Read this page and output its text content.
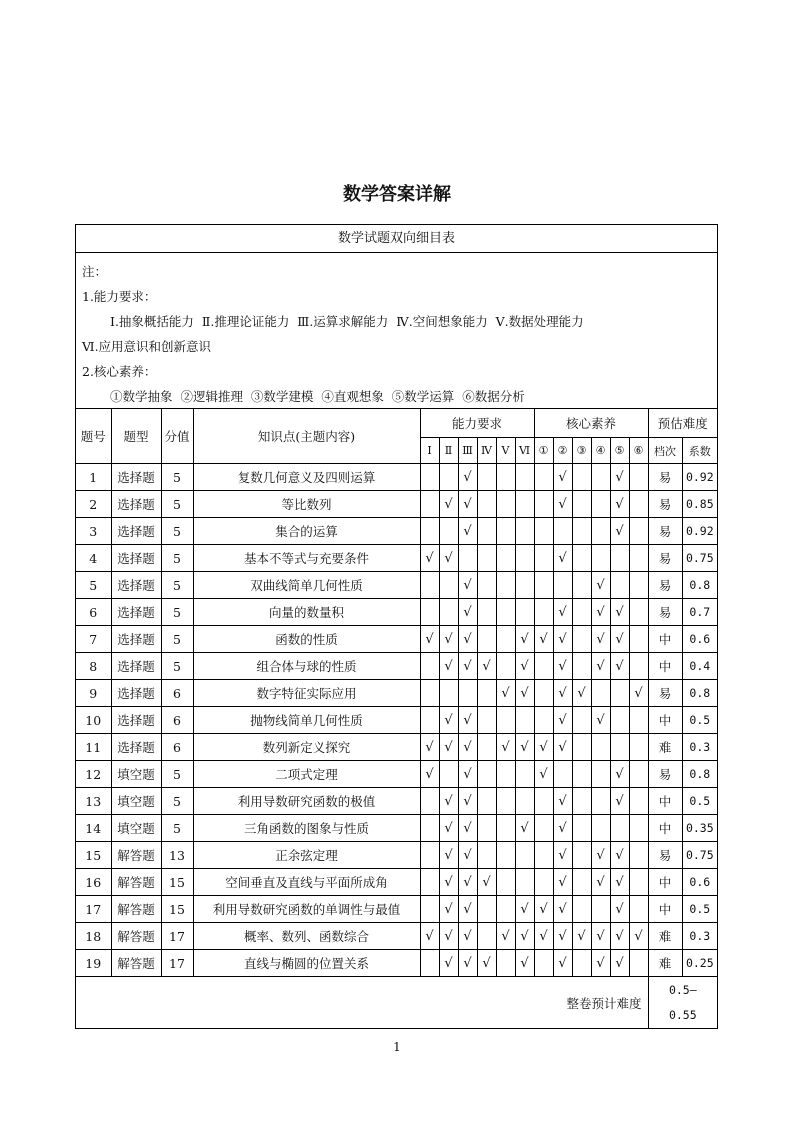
数学答案详解
数学试题双向细目表
注：
1.能力要求：
Ⅰ.抽象概括能力  Ⅱ.推理论证能力  Ⅲ.运算求解能力  Ⅳ.空间想象能力  Ⅴ.数据处理能力
Ⅵ.应用意识和创新意识
2.核心素养：
①数学抽象  ②逻辑推理  ③数学建模  ④直观想象  ⑤数学运算  ⑥数据分析
题号	题型	分值	知识点(主题内容)	能力要求						核心素养						预估难度	
				Ⅰ	Ⅱ	Ⅲ	Ⅳ	Ⅴ	Ⅵ	①	②	③	④	⑤	⑥	档次	系数
1	选择题	5	复数几何意义及四则运算			√					√			√		易	0.92
2	选择题	5	等比数列		√	√					√			√		易	0.85
3	选择题	5	集合的运算			√								√		易	0.92
4	选择题	5	基本不等式与充要条件	√	√						√					易	0.75
5	选择题	5	双曲线简单几何性质			√							√			易	0.8
6	选择题	5	向量的数量积			√					√		√	√		易	0.7
7	选择题	5	函数的性质	√	√	√			√	√	√		√	√		中	0.6
8	选择题	5	组合体与球的性质		√	√	√		√		√		√	√		中	0.4
9	选择题	6	数字特征实际应用					√	√		√	√			√	易	0.8
10	选择题	6	抛物线简单几何性质		√	√					√		√			中	0.5
11	选择题	6	数列新定义探究	√	√	√		√	√	√	√					难	0.3
12	填空题	5	二项式定理	√		√				√				√		易	0.8
13	填空题	5	利用导数研究函数的极值		√	√					√			√		中	0.5
14	填空题	5	三角函数的图象与性质		√	√			√		√					中	0.35
15	解答题	13	正余弦定理		√	√					√		√	√		易	0.75
16	解答题	15	空间垂直及直线与平面所成角		√	√	√				√		√	√		中	0.6
17	解答题	15	利用导数研究函数的单调性与最值		√	√			√	√	√			√		中	0.5
18	解答题	17	概率、数列、函数综合	√	√	√		√	√	√	√	√	√	√	√	难	0.3
19	解答题	17	直线与椭圆的位置关系		√	√	√		√		√		√	√		难	0.25
整卷预计难度																0.5—
0.55	
1
